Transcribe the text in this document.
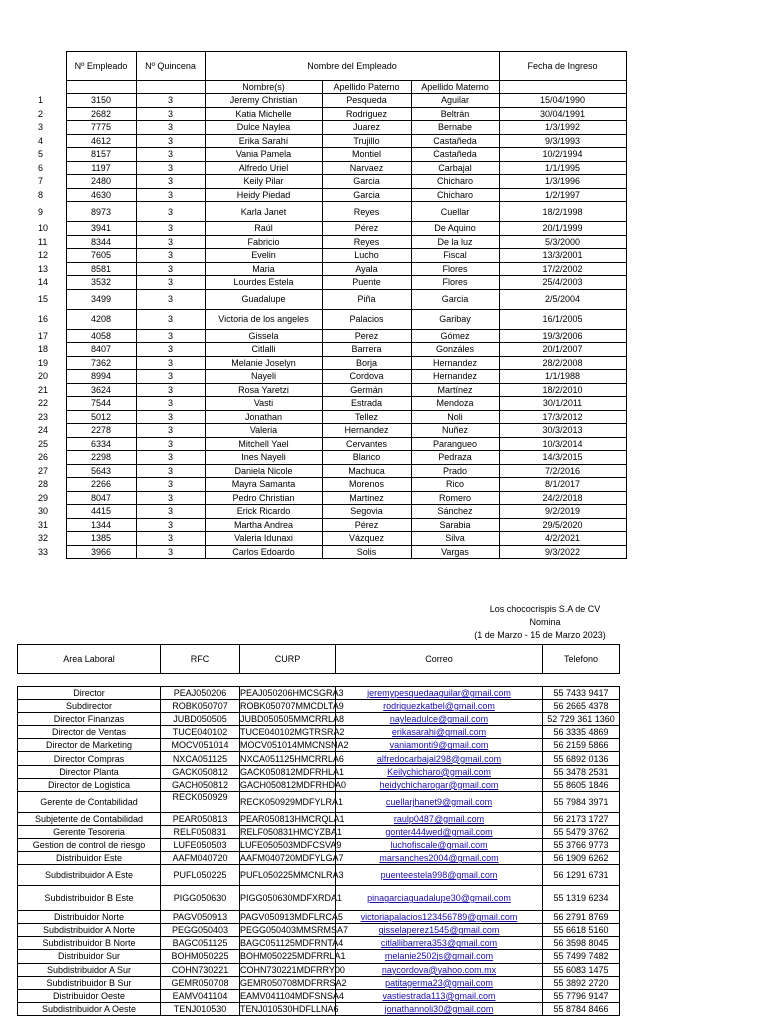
	Nº Empleado	Nº Quincena	Nombre del Empleado			Fecha de Ingreso
			Nombre(s)	Apellido Paterno	Apellido Materno	
1	3150	3	Jeremy Christian	Pesqueda	Aguilar	15/04/1990
2	2682	3	Katia Michelle	Rodriguez	Beltrán	30/04/1991
3	7775	3	Dulce Naylea	Juarez	Bernabe	1/3/1992
4	4612	3	Erika Sarahí	Trujillo	Castañeda	9/3/1993
5	8157	3	Vania Pamela	Montiel	Castañeda	10/2/1994
6	1197	3	Alfredo Uriel	Narvaez	Carbajal	1/1/1995
7	2480	3	Keily Pilar	Garcia	Chicharo	1/3/1996
8	4630	3	Heidy Piedad	Garcia	Chicharo	1/2/1997
9	8973	3	Karla Janet	Reyes	Cuellar	18/2/1998
10	3941	3	Raúl	Pérez	De Aquino	20/1/1999
11	8344	3	Fabricio	Reyes	De la luz	5/3/2000
12	7605	3	Evelin	Lucho	Fiscal	13/3/2001
13	8581	3	Maria	Ayala	Flores	17/2/2002
14	3532	3	Lourdes Estela	Puente	Flores	25/4/2003
15	3499	3	Guadalupe	Piña	Garcia	2/5/2004
16	4208	3	Victoria de los angeles	Palacios	Garibay	16/1/2005
17	4058	3	Gissela	Perez	Gómez	19/3/2006
18	8407	3	Citlalli	Barrera	Gonzáles	20/1/2007
19	7362	3	Melanie Joselyn	Borja	Hernandez	28/2/2008
20	8994	3	Nayeli	Cordova	Hernandez	1/1/1988
21	3624	3	Rosa Yaretzi	Germán	Martínez	18/2/2010
22	7544	3	Vasti	Estrada	Mendoza	30/1/2011
23	5012	3	Jonathan	Tellez	Noli	17/3/2012
24	2278	3	Valeria	Hernandez	Nuñez	30/3/2013
25	6334	3	Mitchell Yael	Cervantes	Parangueo	10/3/2014
26	2298	3	Ines Nayeli	Blanco	Pedraza	14/3/2015
27	5643	3	Daniela Nicole	Machuca	Prado	7/2/2016
28	2266	3	Mayra Samanta	Morenos	Rico	8/1/2017
29	8047	3	Pedro Christian	Martinez	Romero	24/2/2018
30	4415	3	Erick Ricardo	Segovia	Sánchez	9/2/2019
31	1344	3	Martha Andrea	Pérez	Sarabia	29/5/2020
32	1385	3	Valeria Idunaxi	Vázquez	Silva	4/2/2021
33	3966	3	Carlos Edoardo	Solis	Vargas	9/3/2022
Los chococrispis S.A de CV
Nomina
(1 de Marzo - 15 de Marzo 2023)
Area Laboral	RFC	CURP	Correo	Telefono

Director	PEAJ050206	PEAJ050206HMCSGRA3	jeremypesquedaaguilar@gmail.com	55 7433 9417
Subdirector	ROBK050707	ROBK050707MMCDLTA9	rodriguezkatbel@gmail.com	56 2665 4378
Director Finanzas	JUBD050505	JUBD050505MMCRRLA8	nayleadulce@gmail.com	52 729 361 1360
Director de Ventas	TUCE040102	TUCE040102MGTRSRA2	erikasarahi@gmail.com	56 3335 4869
Director de Marketing	MOCV051014	MOCV051014MMCNSNA2	vaniamonti9@gmail.com	56 2159 5866
Director Compras	NXCA051125	NXCA051125HMCRRLA6	alfredocarbajal298@gmail.com	55 6892 0136
Director Planta	GACK050812	GACK050812MDFRHLA1	Keilychicharo@gmail.com	55 3478 2531
Director de Logistica	GACH050812	GACH050812MDFRHDA0	heidychicharogar@gmail.com	55 8605 1846
Gerente de Contabilidad	RECK050929	RECK050929MDFYLRA1	cuellarjhanet9@gmail.com	55 7984 3971
Subjetente de Contabilidad	PEAR050813	PEAR050813HMCRQLA1	raulp0487@gmail.com	56 2173 1727
Gerente Tesoreria	RELF050831	RELF050831HMCYZBA1	gonter444wed@gmail.com	55 5479 3762
Gestion de control de riesgo	LUFE050503	LUFE050503MDFCSVA9	luchofiscale@gmail.com	55 3766 9773
Distribuidor Este	AAFM040720	AAFM040720MDFYLGA7	marsanches2004@gmail.com	56 1909 6262
Subdistribuidor A Este	PUFL050225	PUFL050225MMCNLRA3	puenteestela998@gmail.com	56 1291 6731
Subdistribuidor B Este	PIGG050630	PIGG050630MDFXRDA1	pinagarciaguadalupe30@gmail.com	55 1319 6234
Distribuidor Norte	PAGV050913	PAGV050913MDFLRCA5	victoriapalacios123456789@gmail.com	56 2791 8769
Subdistribuidor A Norte	PEGG050403	PEGG050403MMSRMSA7	gisselaperez1545@gmail.com	55 6618 5160
Subdistribuidor B Norte	BAGC051125	BAGC051125MDFRNTA4	citlallibarrera353@gmail.com	56 3598 8045
Distribuidor Sur	BOHM050225	BOHM050225MDFRRLA1	melanie2502js@gmail.com	55 7499 7482
Subdistribuidor A Sur	COHN730221	COHN730221MDFRRY00	naycordova@yahoo.com.mx	55 6083 1475
Subdistribuidor B Sur	GEMR050708	GEMR050708MDFRRSA2	patitagerma23@gmail.com	55 3892 2720
Distribuidor Oeste	EAMV041104	EAMV041104MDFSNSA4	vastiestrada113@gmail.com	55 7796 9147
Subdistribuidor A Oeste	TENJ010530	TENJ010530HDFLLNA6	jonathannoli30@gmail.com	55 8784 8466
